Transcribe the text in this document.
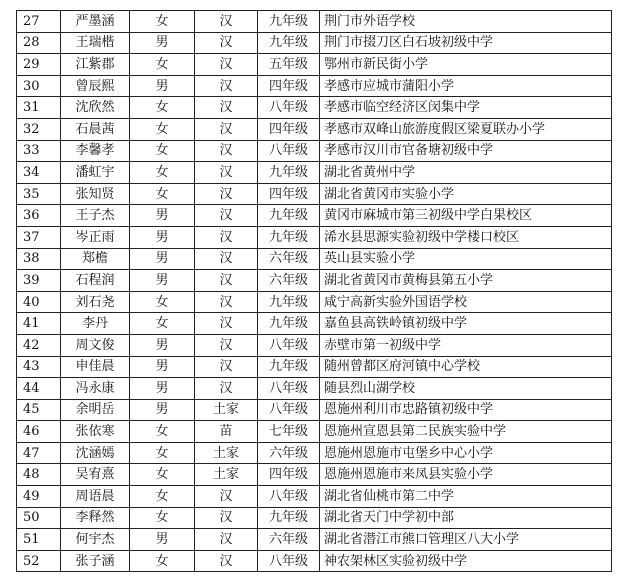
27	严墨涵	女	汉	九年级	荆门市外语学校
28	王瑞楷	男	汉	九年级	荆门市掇刀区白石坡初级中学
29	江紫郡	女	汉	五年级	鄂州市新民街小学
30	曾辰熙	男	汉	四年级	孝感市应城市蒲阳小学
31	沈欣然	女	汉	八年级	孝感市临空经济区闵集中学
32	石晨茜	女	汉	四年级	孝感市双峰山旅游度假区梁夏联办小学
33	李馨孝	女	汉	八年级	孝感市汉川市官备塘初级中学
34	潘虹宇	女	汉	九年级	湖北省黄州中学
35	张知贤	女	汉	四年级	湖北省黄冈市实验小学
36	王子杰	男	汉	九年级	黄冈市麻城市第三初级中学白果校区
37	岑正雨	男	汉	九年级	浠水县思源实验初级中学楼口校区
38	郑檐	男	汉	六年级	英山县实验小学
39	石程润	男	汉	六年级	湖北省黄冈市黄梅县第五小学
40	刘石尧	女	汉	九年级	咸宁高新实验外国语学校
41	李丹	女	汉	九年级	嘉鱼县高铁岭镇初级中学
42	周文俊	男	汉	八年级	赤壁市第一初级中学
43	申佳晨	男	汉	九年级	随州曾都区府河镇中心学校
44	冯永康	男	汉	八年级	随县烈山湖学校
45	余明岳	男	土家	八年级	恩施州利川市忠路镇初级中学
46	张依寒	女	苗	七年级	恩施州宣恩县第二民族实验中学
47	沈涵嫣	女	土家	六年级	恩施州恩施市屯堡乡中心小学
48	吴宥熹	女	土家	四年级	恩施州恩施市来凤县实验小学
49	周语晨	女	汉	八年级	湖北省仙桃市第二中学
50	李释然	女	汉	九年级	湖北省天门中学初中部
51	何宇杰	男	汉	六年级	湖北省潜江市熊口管理区八大小学
52	张子涵	女	汉	八年级	神农架林区实验初级中学
